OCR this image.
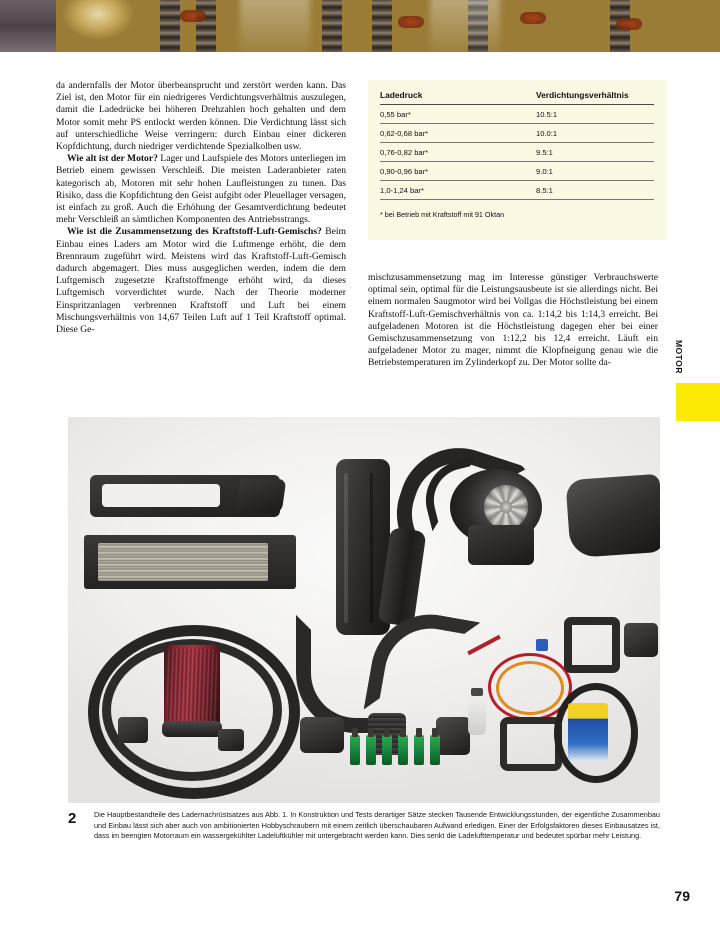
da andernfalls der Motor überbeansprucht und zerstört werden kann. Das Ziel ist, den Motor für ein niedrigeres Verdichtungsverhältnis auszulegen, damit die Ladedrücke bei höheren Drehzahlen hoch gehalten und dem Motor somit mehr PS entlockt werden können. Die Verdichtung lässt sich auf unterschiedliche Weise verringern: durch Einbau einer dickeren Kopfdichtung, durch niedriger verdichtende Spezialkolben usw.

Wie alt ist der Motor? Lager und Laufspiele des Motors unterliegen im Betrieb einem gewissen Verschleiß. Die meisten Laderanbieter raten kategorisch ab, Motoren mit sehr hohen Laufleistungen zu tunen. Das Risiko, dass die Kopfdichtung den Geist aufgibt oder Pleuellager versagen, ist einfach zu groß. Auch die Erhöhung der Gesamtverdichtung bedeutet mehr Verschleiß an sämtlichen Komponenten des Antriebsstrangs.

Wie ist die Zusammensetzung des Kraftstoff-Luft-Gemischs? Beim Einbau eines Laders am Motor wird die Luftmenge erhöht, die dem Brennraum zugeführt wird. Meistens wird das Kraftstoff-Luft-Gemisch dadurch abgemagert. Dies muss ausgeglichen werden, indem die dem Luftgemisch zugesetzte Kraftstoffmenge erhöht wird, da dieses Luftgemisch vorverdichtet wurde. Nach der Theorie moderner Einspritzanlagen verbrennen Kraftstoff und Luft bei einem Mischungsverhältnis von 14,67 Teilen Luft auf 1 Teil Kraftstoff optimal. Diese Ge-

Ladedruck	Verdichtungsverhältnis
0,55 bar*	10.5:1
0,62-0,68 bar*	10.0:1
0,76-0,82 bar*	9.5:1
0,90-0,96 bar*	9.0:1
1,0-1,24 bar*	8.5:1
* bei Betrieb mit Kraftstoff mit 91 Oktan

mischzusammensetzung mag im Interesse günstiger Verbrauchswerte optimal sein, optimal für die Leistungsausbeute ist sie allerdings nicht. Bei einem normalen Saugmotor wird bei Vollgas die Höchstleistung bei einem Kraftstoff-Luft-Gemischverhältnis von ca. 1:14,2 bis 1:14,3 erreicht. Bei aufgeladenen Motoren ist die Höchstleistung dagegen eher bei einer Gemischzusammensetzung von 1:12,2 bis 12,4 erreicht. Läuft ein aufgeladener Motor zu mager, nimmt die Klopfneigung genau wie die Betriebstemperaturen im Zylinderkopf zu. Der Motor sollte da-	MOTOR
2 Die Hauptbestandteile des Ladernachrüstsatzes aus Abb. 1. In Konstruktion und Tests derartiger Sätze stecken Tausende Entwicklungsstunden, der eigentliche Zusammenbau und Einbau lässt sich aber auch von ambitionierten Hobbyschraubern mit einem zeitlich überschaubaren Aufwand erledigen. Einer der Erfolgsfaktoren dieses Einbausatzes ist, dass im beengten Motorraum ein wassergekühlter Ladeluftkühler mit untergebracht werden kann. Dies senkt die Ladelufttemperatur und bedeutet spürbar mehr Leistung.
79
